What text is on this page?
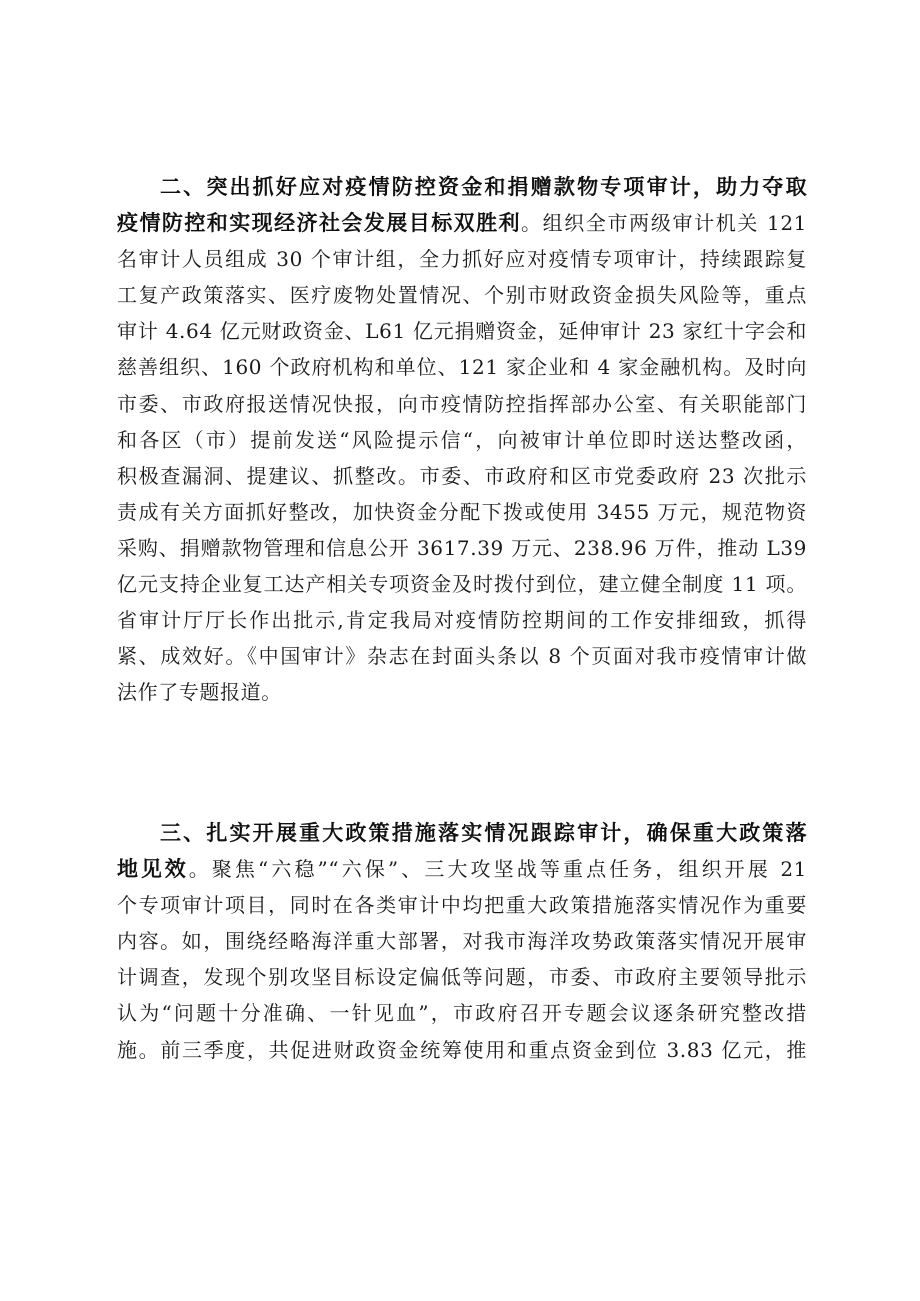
二、突出抓好应对疫情防控资金和捐赠款物专项审计，助力夺取
疫情防控和实现经济社会发展目标双胜利。组织全市两级审计机关 121
名审计人员组成 30 个审计组，全力抓好应对疫情专项审计，持续跟踪复
工复产政策落实、医疗废物处置情况、个别市财政资金损失风险等，重点
审计 4.64 亿元财政资金、L61 亿元捐赠资金，延伸审计 23 家红十字会和
慈善组织、160 个政府机构和单位、121 家企业和 4 家金融机构。及时向
市委、市政府报送情况快报，向市疫情防控指挥部办公室、有关职能部门
和各区（市）提前发送“风险提示信“，向被审计单位即时送达整改函，
积极查漏洞、提建议、抓整改。市委、市政府和区市党委政府 23 次批示
责成有关方面抓好整改，加快资金分配下拨或使用 3455 万元，规范物资
采购、捐赠款物管理和信息公开 3617.39 万元、238.96 万件，推动 L39
亿元支持企业复工达产相关专项资金及时拨付到位，建立健全制度 11 项。
省审计厅厅长作出批示,肯定我局对疫情防控期间的工作安排细致，抓得
紧、成效好。《中国审计》杂志在封面头条以 8 个页面对我市疫情审计做
法作了专题报道。
三、扎实开展重大政策措施落实情况跟踪审计，确保重大政策落
地见效。聚焦“六稳”“六保”、三大攻坚战等重点任务，组织开展 21
个专项审计项目，同时在各类审计中均把重大政策措施落实情况作为重要
内容。如，围绕经略海洋重大部署，对我市海洋攻势政策落实情况开展审
计调查，发现个别攻坚目标设定偏低等问题，市委、市政府主要领导批示
认为“问题十分准确、一针见血”，市政府召开专题会议逐条研究整改措
施。前三季度，共促进财政资金统筹使用和重点资金到位 3.83 亿元，推
